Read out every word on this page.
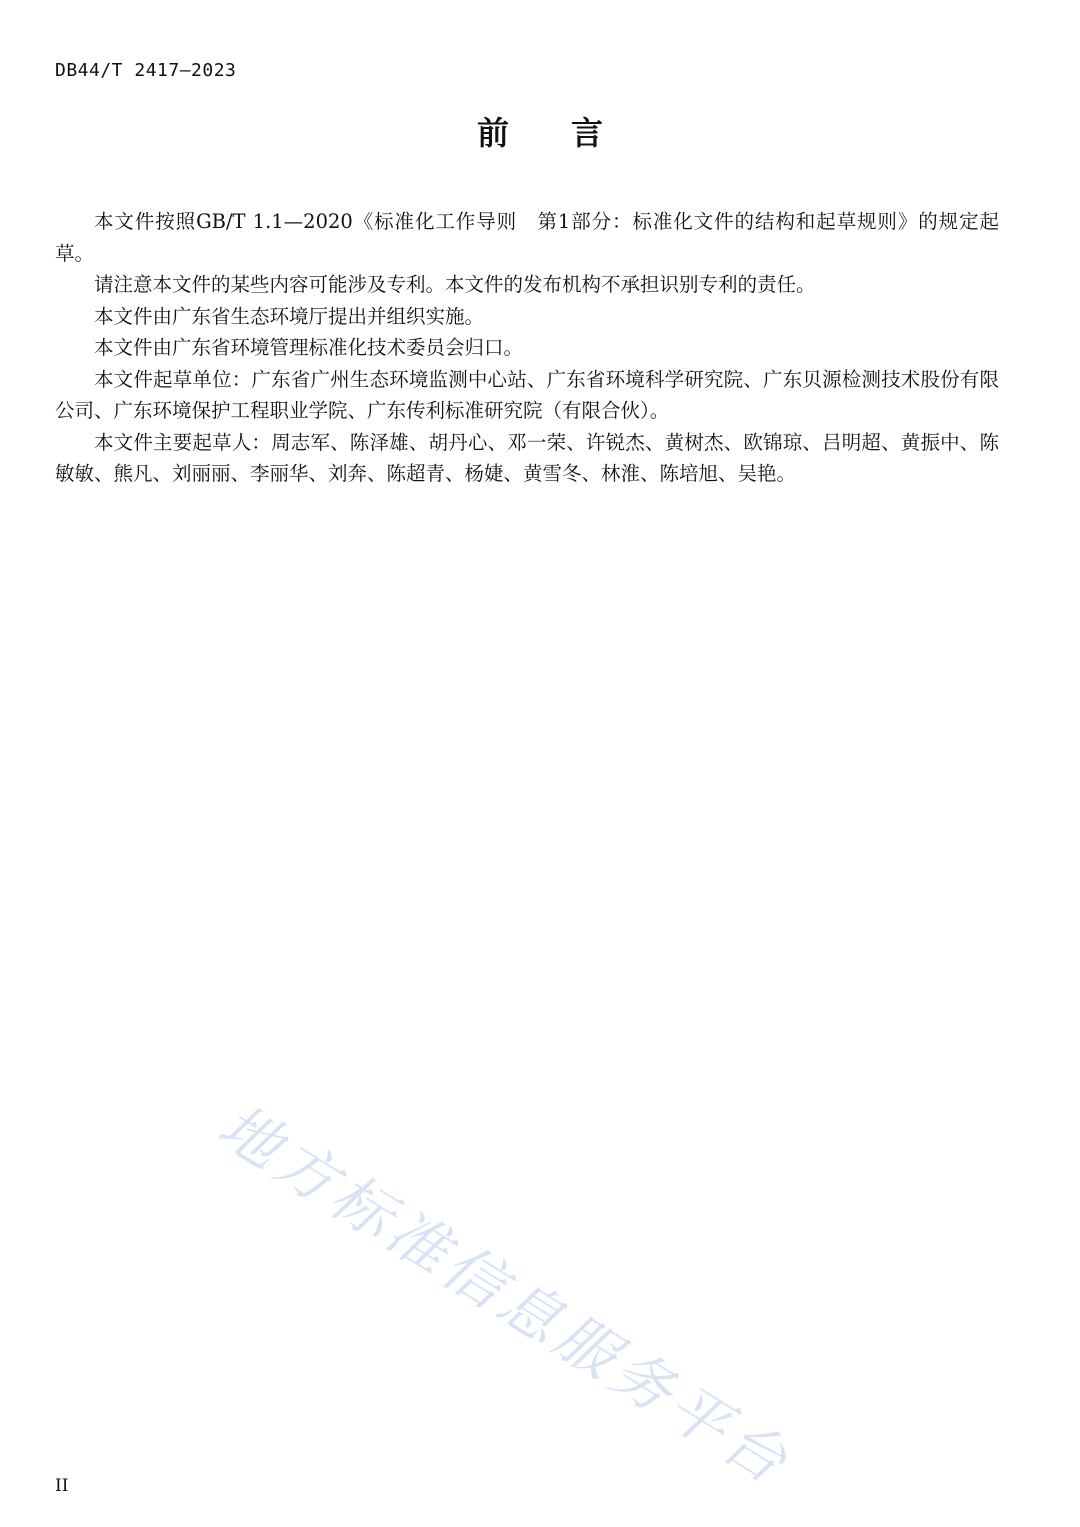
DB44/T 2417—2023
前言

本文件按照GB/T 1.1—2020《标准化工作导则　第1部分：标准化文件的结构和起草规则》的规定起草。

请注意本文件的某些内容可能涉及专利。本文件的发布机构不承担识别专利的责任。

本文件由广东省生态环境厅提出并组织实施。

本文件由广东省环境管理标准化技术委员会归口。

本文件起草单位：广东省广州生态环境监测中心站、广东省环境科学研究院、广东贝源检测技术股份有限公司、广东环境保护工程职业学院、广东传利标准研究院（有限合伙）。

本文件主要起草人：周志军、陈泽雄、胡丹心、邓一荣、许锐杰、黄树杰、欧锦琼、吕明超、黄振中、陈敏敏、熊凡、刘丽丽、李丽华、刘奔、陈超青、杨婕、黄雪冬、林淮、陈培旭、吴艳。

地方标准信息服务平台
II
